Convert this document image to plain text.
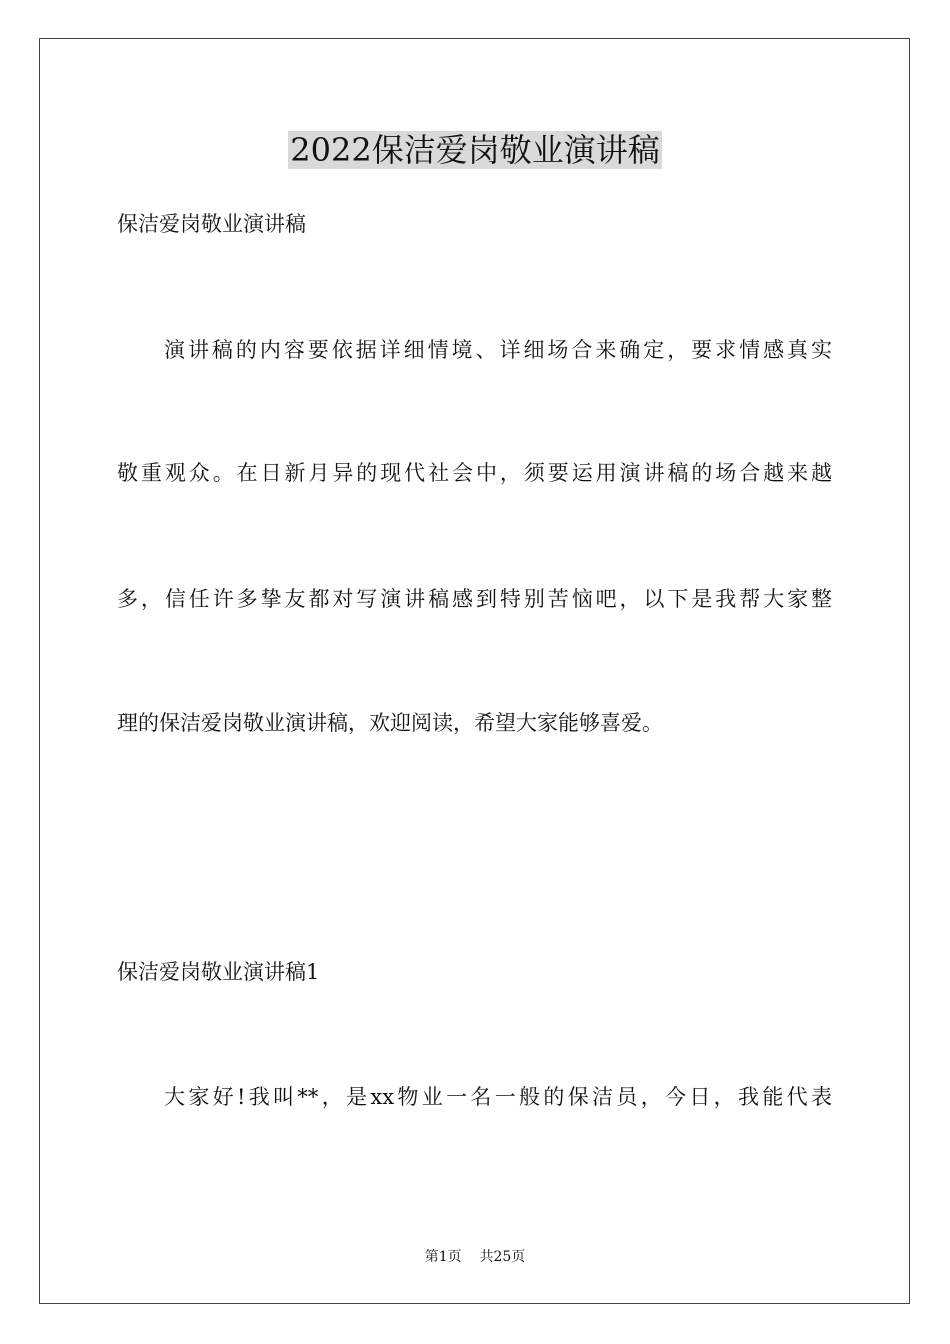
2022保洁爱岗敬业演讲稿

保洁爱岗敬业演讲稿

演讲稿的内容要依据详细情境、详细场合来确定，要求情感真实

敬重观众。在日新月异的现代社会中，须要运用演讲稿的场合越来越

多，信任许多挚友都对写演讲稿感到特别苦恼吧，以下是我帮大家整

理的保洁爱岗敬业演讲稿，欢迎阅读，希望大家能够喜爱。

保洁爱岗敬业演讲稿1

大家好!我叫**，是xx物业一名一般的保洁员，今日，我能代表

第1页    共25页
